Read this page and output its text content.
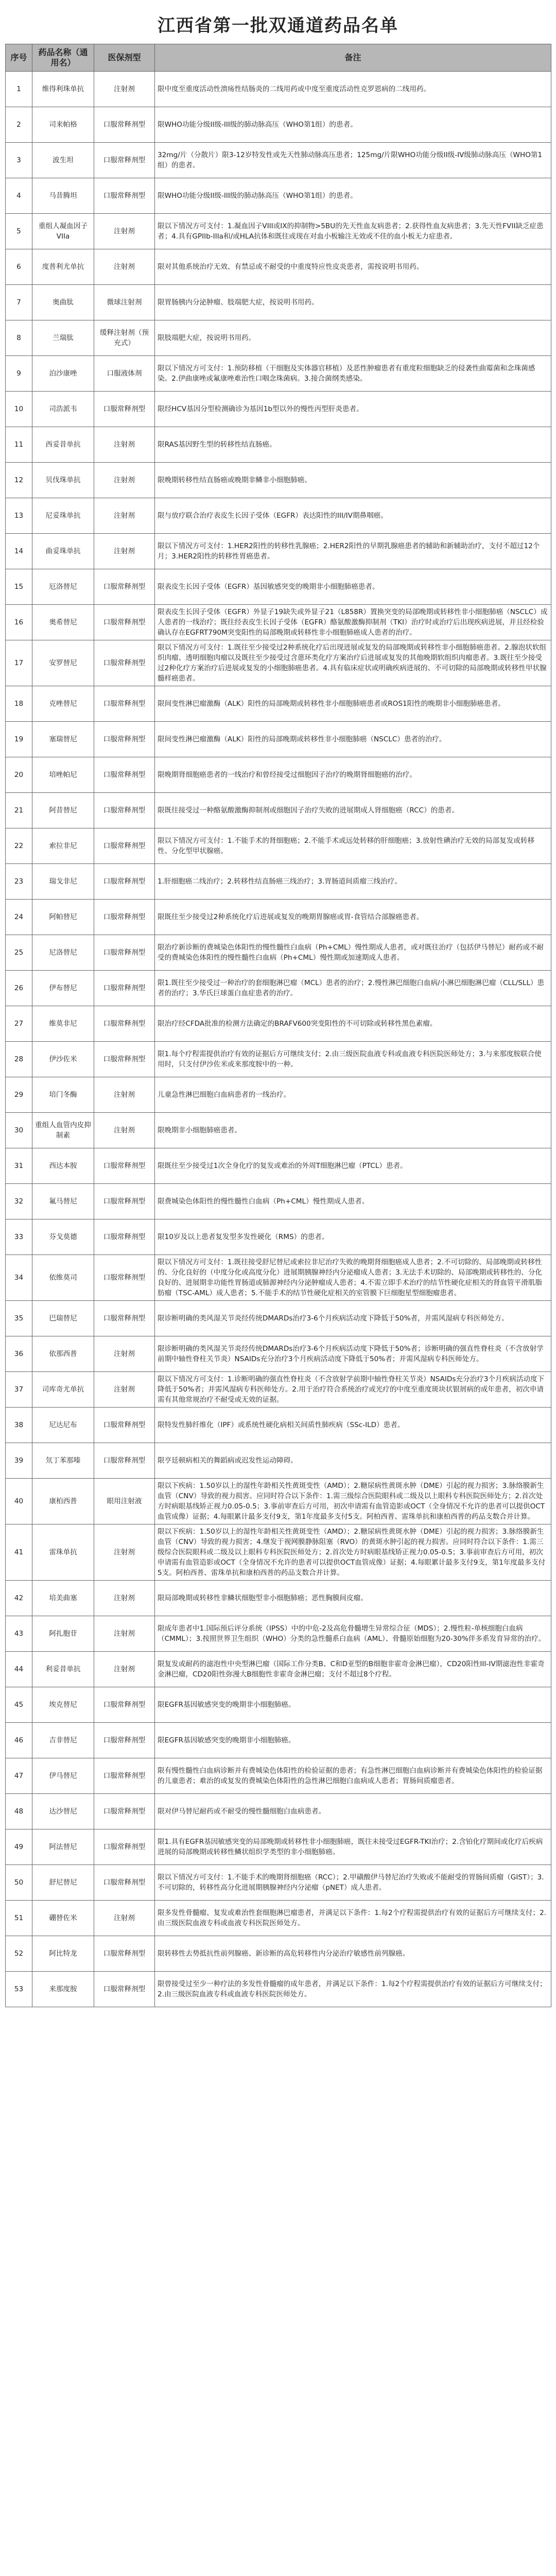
江西省第一批双通道药品名单
序号	药品名称（通用名）	医保剂型	备注
1	维得利珠单抗	注射剂	限中度至重度活动性溃疡性结肠炎的二线用药或中度至重度活动性克罗恩病的二线用药。
2	司来帕格	口服常释剂型	限WHO功能分级II级-III级的肺动脉高压（WHO第1组）的患者。
3	波生坦	口服常释剂型	32mg/片（分散片）限3-12岁特发性或先天性肺动脉高压患者；125mg/片限WHO功能分级II级-IV级肺动脉高压（WHO第1组）的患者。
4	马昔腾坦	口服常释剂型	限WHO功能分级II级-III级的肺动脉高压（WHO第1组）的患者。
5	重组人凝血因子VIIa	注射剂	限以下情况方可支付：1.凝血因子VIII或IX的抑制物>5BU的先天性血友病患者；2.获得性血友病患者；3.先天性FVII缺乏症患者；4.具有GPIIb-IIIa和/或HLA抗体和既往或现在对血小板输注无效或不佳的血小板无力症患者。
6	度普利尤单抗	注射剂	限对其他系统治疗无效、有禁忌或不耐受的中重度特应性皮炎患者，需按说明书用药。
7	奥曲肽	微球注射剂	限胃肠胰内分泌肿瘤、肢端肥大症，按说明书用药。
8	兰瑞肽	缓释注射剂（预充式）	限肢端肥大症，按说明书用药。
9	泊沙康唑	口服液体剂	限以下情况方可支付：1.预防移植（干细胞及实体器官移植）及恶性肿瘤患者有重度粒细胞缺乏的侵袭性曲霉菌和念珠菌感染。2.伊曲康唑或氟康唑难治性口咽念珠菌病。3.接合菌纲类感染。
10	司浩派韦	口服常释剂型	限经HCV基因分型检测确诊为基因1b型以外的慢性丙型肝炎患者。
11	西妥昔单抗	注射剂	限RAS基因野生型的转移性结直肠癌。
12	贝伐珠单抗	注射剂	限晚期转移性结直肠癌或晚期非鳞非小细胞肺癌。
13	尼妥珠单抗	注射剂	限与放疗联合治疗表皮生长因子受体（EGFR）表达阳性的III/IV期鼻咽癌。
14	曲妥珠单抗	注射剂	限以下情况方可支付：1.HER2阳性的转移性乳腺癌；2.HER2阳性的早期乳腺癌患者的辅助和新辅助治疗，支付不超过12个月；3.HER2阳性的转移性胃癌患者。
15	厄洛替尼	口服常释剂型	限表皮生长因子受体（EGFR）基因敏感突变的晚期非小细胞肺癌患者。
16	奥希替尼	口服常释剂型	限表皮生长因子受体（EGFR）外显子19缺失或外显子21（L858R）置换突变的局部晚期或转移性非小细胞肺癌（NSCLC）成人患者的一线治疗；既往经表皮生长因子受体（EGFR）酪氨酸激酶抑制剂（TKI）治疗时或治疗后出现疾病进展，并且经检验确认存在EGFRT790M突变阳性的局部晚期或转移性非小细胞肺癌成人患者的治疗。
17	安罗替尼	口服常释剂型	限以下情况方可支付：1.既往至少接受过2种系统化疗后出现进展或复发的局部晚期或转移性非小细胞肺癌患者。2.腺泡状软组织肉瘤、透明细胞肉瘤以及既往至少接受过含蒽环类化疗方案治疗后进展或复发的其他晚期软组织肉瘤患者。3.既往至少接受过2种化疗方案治疗后进展或复发的小细胞肺癌患者。4.具有临床症状或明确疾病进展的、不可切除的局部晚期或转移性甲状腺髓样癌患者。
18	克唑替尼	口服常释剂型	限间变性淋巴瘤激酶（ALK）阳性的局部晚期或转移性非小细胞肺癌患者或ROS1阳性的晚期非小细胞肺癌患者。
19	塞瑞替尼	口服常释剂型	限间变性淋巴瘤激酶（ALK）阳性的局部晚期或转移性非小细胞肺癌（NSCLC）患者的治疗。
20	培唑帕尼	口服常释剂型	限晚期肾细胞癌患者的一线治疗和曾经接受过细胞因子治疗的晚期肾细胞癌的治疗。
21	阿昔替尼	口服常释剂型	限既往接受过一种酪氨酸激酶抑制剂或细胞因子治疗失败的进展期成人肾细胞癌（RCC）的患者。
22	索拉非尼	口服常释剂型	限以下情况方可支付：1.不能手术的肾细胞癌；2.不能手术或远处转移的肝细胞癌；3.放射性碘治疗无效的局部复发或转移性、分化型甲状腺癌。
23	瑞戈非尼	口服常释剂型	1.肝细胞癌二线治疗；2.转移性结直肠癌三线治疗；3.胃肠道间质瘤三线治疗。
24	阿帕替尼	口服常释剂型	限既往至少接受过2种系统化疗后进展或复发的晚期胃腺癌或胃-食管结合部腺癌患者。
25	尼洛替尼	口服常释剂型	限治疗新诊断的费城染色体阳性的慢性髓性白血病（Ph+CML）慢性期成人患者，或对既往治疗（包括伊马替尼）耐药或不耐受的费城染色体阳性的慢性髓性白血病（Ph+CML）慢性期或加速期成人患者。
26	伊布替尼	口服常释剂型	限1.既往至少接受过一种治疗的套细胞淋巴瘤（MCL）患者的治疗；2.慢性淋巴细胞白血病/小淋巴细胞淋巴瘤（CLL/SLL）患者的治疗；3.华氏巨球蛋白血症患者的治疗。
27	维莫非尼	口服常释剂型	限治疗经CFDA批准的检测方法确定的BRAFV600突变阳性的不可切除或转移性黑色素瘤。
28	伊沙佐米	口服常释剂型	限1.每个疗程需提供治疗有效的证据后方可继续支付；2.由三级医院血液专科或血液专科医院医师处方；3.与来那度胺联合使用时，只支付伊沙佐米或来那度胺中的一种。
29	培门冬酶	注射剂	儿童急性淋巴细胞白血病患者的一线治疗。
30	重组人血管内皮抑制素	注射剂	限晚期非小细胞肺癌患者。
31	西达本胺	口服常释剂型	限既往至少接受过1次全身化疗的复发或难治的外周T细胞淋巴瘤（PTCL）患者。
32	氟马替尼	口服常释剂型	限费城染色体阳性的慢性髓性白血病（Ph+CML）慢性期成人患者。
33	芬戈莫德	口服常释剂型	限10岁及以上患者复发型多发性硬化（RMS）的患者。
34	依维莫司	口服常释剂型	限以下情况方可支付：1.既往接受舒尼替尼或索拉非尼治疗失败的晚期肾细胞癌成人患者；2.不可切除的、局部晚期或转移性的、分化良好的（中度分化或高度分化）进展期胰腺神经内分泌瘤成人患者；3.无法手术切除的、局部晚期或转移性的、分化良好的、进展期非功能性胃肠道或肺源神经内分泌肿瘤成人患者；4.不需立即手术治疗的结节性硬化症相关的肾血管平滑肌脂肪瘤（TSC-AML）成人患者；5.不能手术的结节性硬化症相关的室管膜下巨细胞星型细胞瘤患者。
35	巴瑞替尼	口服常释剂型	限诊断明确的类风湿关节炎经传统DMARDs治疗3-6个月疾病活动度下降低于50%者，并需风湿病专科医师处方。
36	依那西普	注射剂	限诊断明确的类风湿关节炎经传统DMARDs治疗3-6个月疾病活动度下降低于50%者；诊断明确的强直性脊柱炎（不含放射学前期中轴性脊柱关节炎）NSAIDs充分治疗3个月疾病活动度下降低于50%者；并需风湿病专科医师处方。
37	司库奇尤单抗	注射剂	限以下情况方可支付：1.诊断明确的强直性脊柱炎（不含放射学前期中轴性脊柱关节炎）NSAIDs充分治疗3个月疾病活动度下降低于50%者；并需风湿病专科医师处方。2.用于治疗符合系统治疗或光疗的中度至重度斑块状银屑病的成年患者，初次申请需有其他常规治疗不耐受或无效的证据。
38	尼达尼布	口服常释剂型	限特发性肺纤维化（IPF）或系统性硬化病相关间质性肺疾病（SSc-ILD）患者。
39	氘丁苯那嗪	口服常释剂型	限亨廷顿病相关的舞蹈病或迟发性运动障碍。
40	康柏西普	眼用注射液	限以下疾病：1.50岁以上的湿性年龄相关性黄斑变性（AMD）；2.糖尿病性黄斑水肿（DME）引起的视力损害；3.脉络膜新生血管（CNV）导致的视力损害。应同时符合以下条件：1.需三级综合医院眼科或二级及以上眼科专科医院医师处方；2.首次处方时病眼基线矫正视力0.05-0.5；3.事前审查后方可用，初次申请需有血管造影或OCT（全身情况不允许的患者可以提供OCT血管成像）证据；4.每眼累计最多支付9支，第1年度最多支付5支。阿柏西普、雷珠单抗和康柏西普的药品支数合并计算。
41	雷珠单抗	注射剂	限以下疾病：1.50岁以上的湿性年龄相关性黄斑变性（AMD）；2.糖尿病性黄斑水肿（DME）引起的视力损害；3.脉络膜新生血管（CNV）导致的视力损害；4.继发于视网膜静脉阻塞（RVO）的黄斑水肿引起的视力损害。应同时符合以下条件：1.需三级综合医院眼科或二级及以上眼科专科医院医师处方；2.首次处方时病眼基线矫正视力0.05-0.5；3.事前审查后方可用，初次申请需有血管造影或OCT（全身情况不允许的患者可以提供OCT血管成像）证据；4.每眼累计最多支付9支，第1年度最多支付5支。阿柏西普、雷珠单抗和康柏西普的药品支数合并计算。
42	培美曲塞	注射剂	限局部晚期或转移性非鳞状细胞型非小细胞肺癌；恶性胸膜间皮瘤。
43	阿扎胞苷	注射剂	限成年患者中1.国际预后评分系统（IPSS）中的中危-2及高危骨髓增生异常综合征（MDS）；2.慢性粒-单核细胞白血病（CMML）；3.按照世界卫生组织（WHO）分类的急性髓系白血病（AML）、骨髓原始细胞为20-30%伴多系发育异常的治疗。
44	利妥昔单抗	注射剂	限复发或耐药的滤泡性中央型淋巴瘤（国际工作分类B、C和D亚型的B细胞非霍奇金淋巴瘤），CD20阳性III-IV期滤泡性非霍奇金淋巴瘤，CD20阳性弥漫大B细胞性非霍奇金淋巴瘤；支付不超过8个疗程。
45	埃克替尼	口服常释剂型	限EGFR基因敏感突变的晚期非小细胞肺癌。
46	吉非替尼	口服常释剂型	限EGFR基因敏感突变的晚期非小细胞肺癌。
47	伊马替尼	口服常释剂型	限有慢性髓性白血病诊断并有费城染色体阳性的检验证据的患者；有急性淋巴细胞白血病诊断并有费城染色体阳性的检验证据的儿童患者；难治的或复发的费城染色体阳性的急性淋巴细胞白血病成人患者；胃肠间质瘤患者。
48	达沙替尼	口服常释剂型	限对伊马替尼耐药或不耐受的慢性髓细胞白血病患者。
49	阿法替尼	口服常释剂型	限1.具有EGFR基因敏感突变的局部晚期或转移性非小细胞肺癌，既往未接受过EGFR-TKI治疗；2.含铂化疗期间或化疗后疾病进展的局部晚期或转移性鳞状组织学类型的非小细胞肺癌。
50	舒尼替尼	口服常释剂型	限以下情况方可支付：1.不能手术的晚期肾细胞癌（RCC）；2.甲磺酸伊马替尼治疗失败或不能耐受的胃肠间质瘤（GIST）；3.不可切除的，转移性高分化进展期胰腺神经内分泌瘤（pNET）成人患者。
51	硼替佐米	注射剂	限多发性骨髓瘤、复发或难治性套细胞淋巴瘤患者，并满足以下条件：1.每2个疗程需提供治疗有效的证据后方可继续支付；2.由三级医院血液专科或血液专科医院医师处方。
52	阿比特龙	口服常释剂型	限转移性去势抵抗性前列腺癌、新诊断的高危转移性内分泌治疗敏感性前列腺癌。
53	来那度胺	口服常释剂型	限曾接受过至少一种疗法的多发性骨髓瘤的成年患者，并满足以下条件：1.每2个疗程需提供治疗有效的证据后方可继续支付；2.由三级医院血液专科或血液专科医院医师处方。
